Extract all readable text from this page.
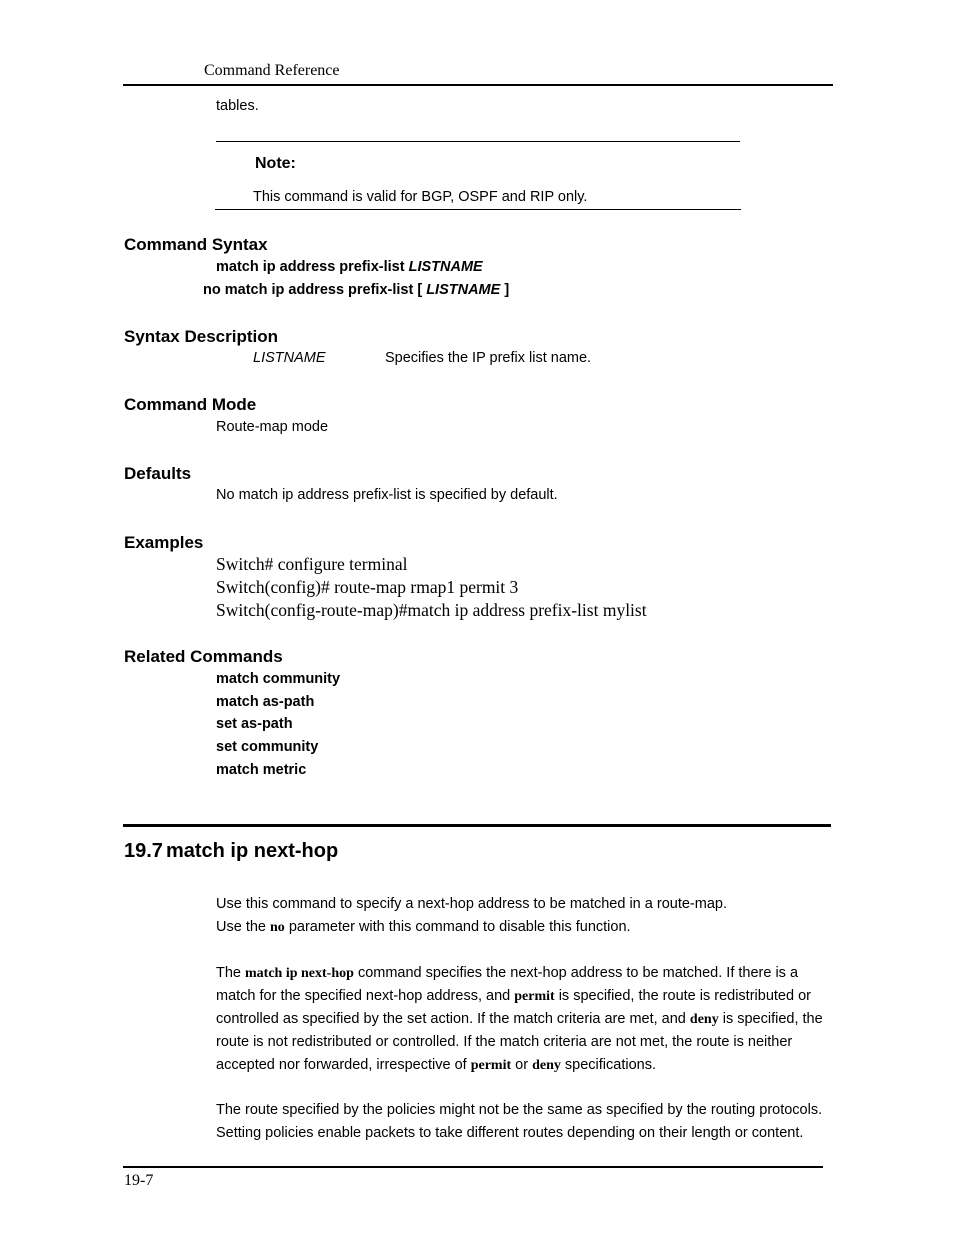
Command Reference
tables.
Note:
This command is valid for BGP, OSPF and RIP only.
Command Syntax
match ip address prefix-list LISTNAME
no match ip address prefix-list [ LISTNAME ]
Syntax Description
LISTNAME	Specifies the IP prefix list name.
Command Mode
Route-map mode
Defaults
No match ip address prefix-list is specified by default.
Examples
Switch# configure terminal
Switch(config)# route-map rmap1 permit 3
Switch(config-route-map)#match ip address prefix-list mylist
Related Commands
match community
match as-path
set as-path
set community
match metric
19.7 match ip next-hop
Use this command to specify a next-hop address to be matched in a route-map.
Use the no parameter with this command to disable this function.
The match ip next-hop command specifies the next-hop address to be matched. If there is a match for the specified next-hop address, and permit is specified, the route is redistributed or controlled as specified by the set action. If the match criteria are met, and deny is specified, the route is not redistributed or controlled. If the match criteria are not met, the route is neither accepted nor forwarded, irrespective of permit or deny specifications.
The route specified by the policies might not be the same as specified by the routing protocols. Setting policies enable packets to take different routes depending on their length or content.
19-7
